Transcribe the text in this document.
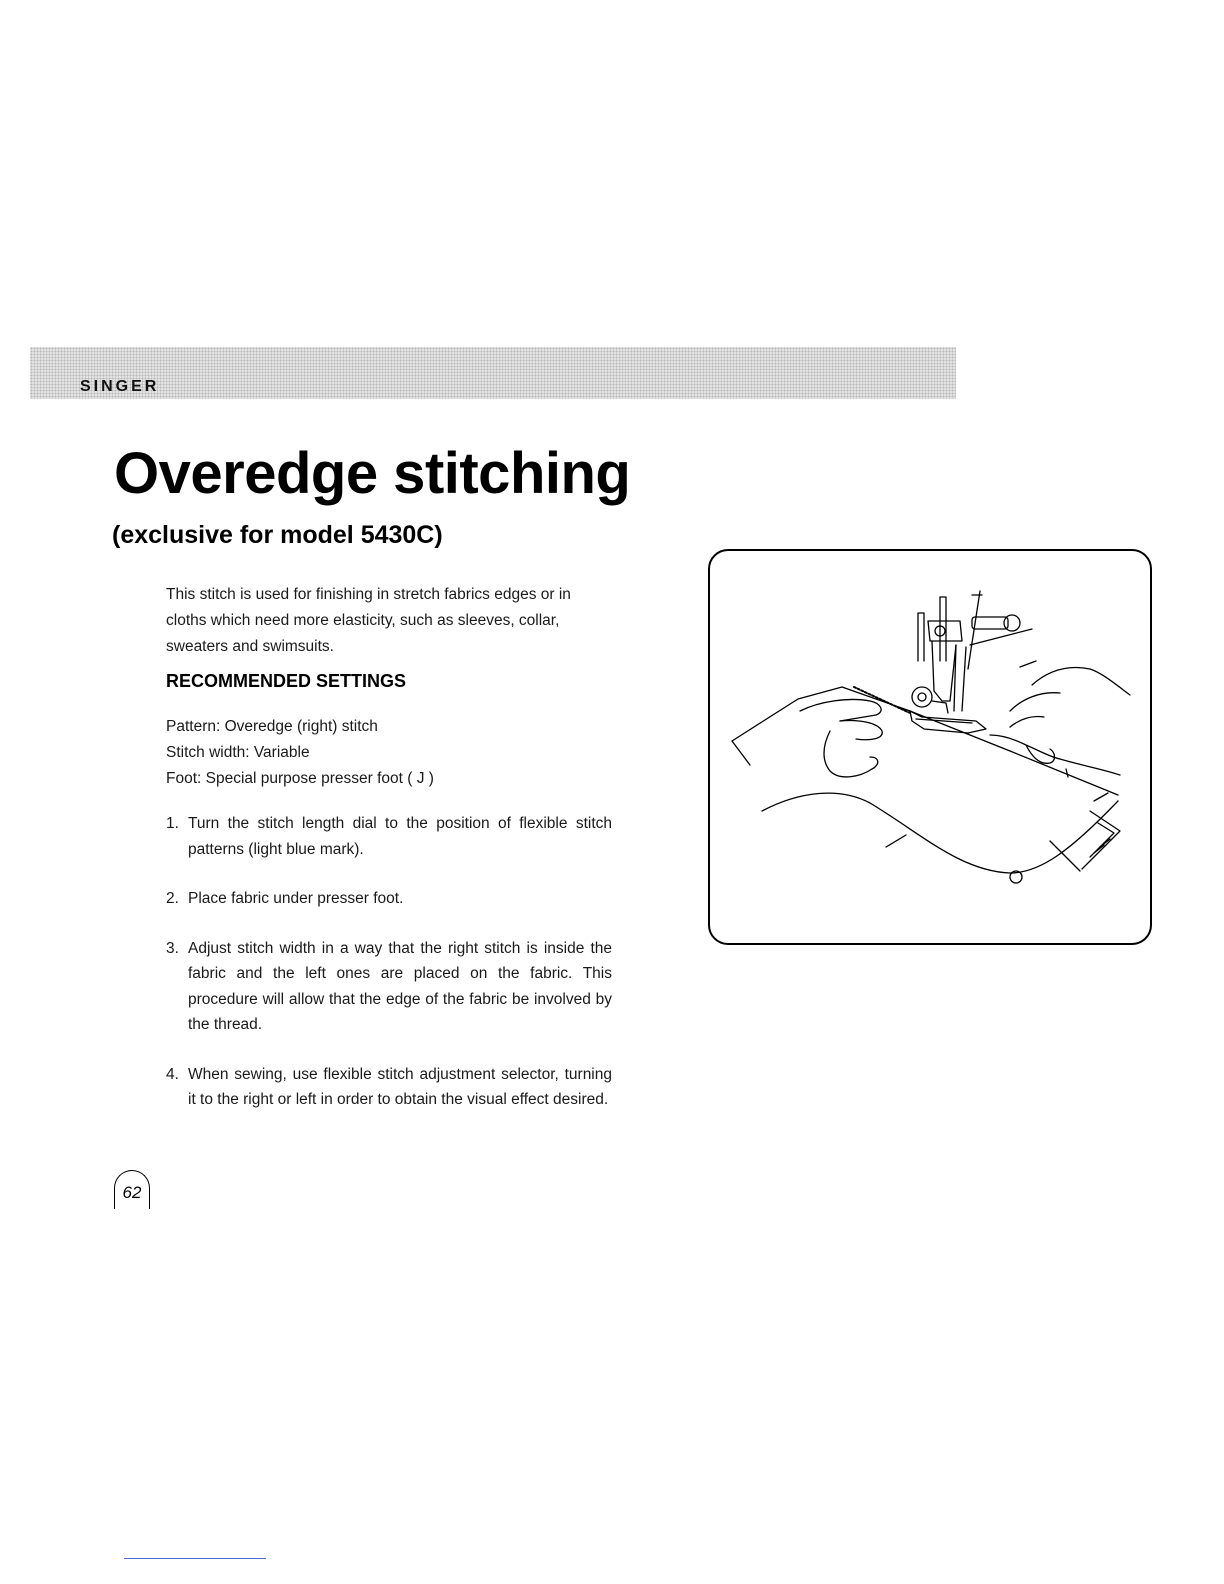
SINGER
Overedge stitching
(exclusive for model 5430C)

This stitch is used for finishing in stretch fabrics edges or in cloths which need more elasticity, such as sleeves, collar, sweaters and swimsuits.

RECOMMENDED SETTINGS
Pattern: Overedge (right) stitch
Stitch width: Variable
Foot: Special purpose presser foot ( J )
1. Turn the stitch length dial to the position of flexible stitch patterns (light blue mark).
2. Place fabric under presser foot.
3. Adjust stitch width in a way that the right stitch is inside the fabric and the left ones are placed on the fabric. This procedure will allow that the edge of the fabric be involved by the thread.
4. When sewing, use flexible stitch adjustment selector, turning it to the right or left in order to obtain the visual effect desired.
62
